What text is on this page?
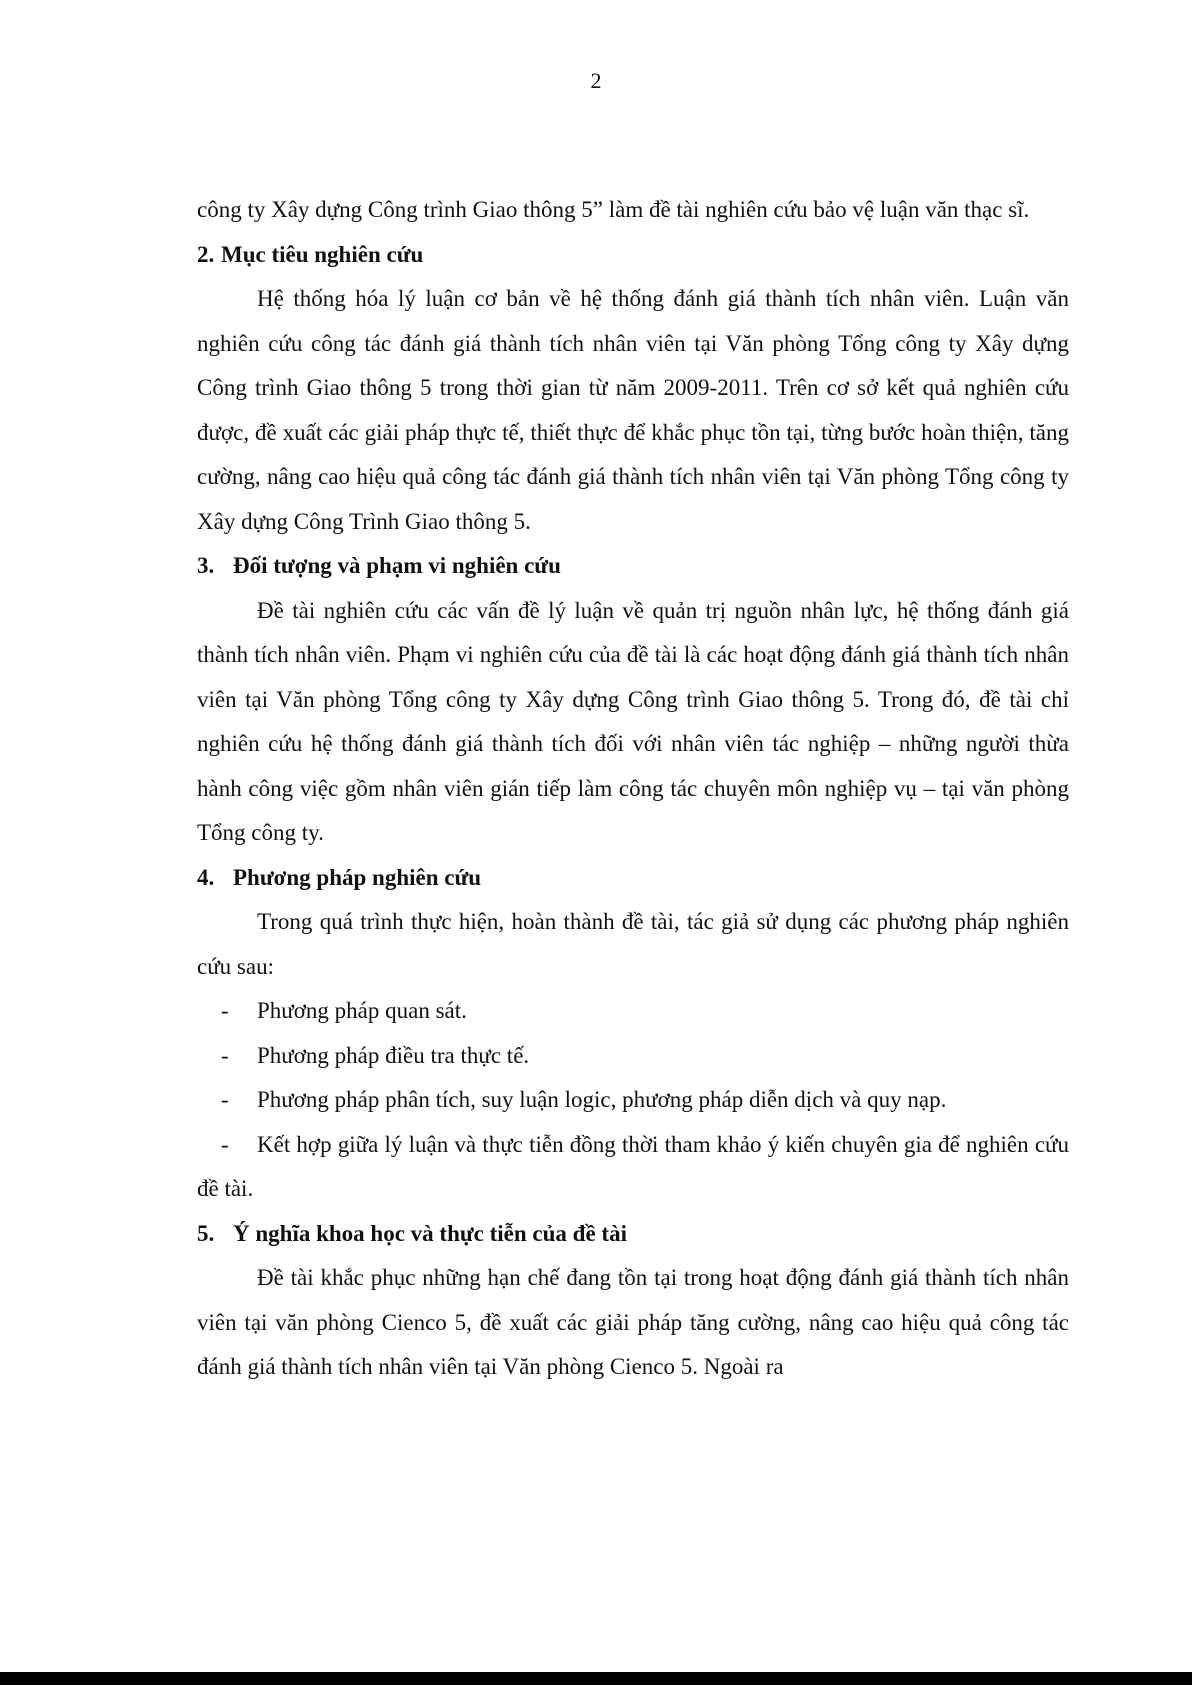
2

công ty Xây dựng Công trình Giao thông 5” làm đề tài nghiên cứu bảo vệ luận văn thạc sĩ.

2. Mục tiêu nghiên cứu

Hệ thống hóa lý luận cơ bản về hệ thống đánh giá thành tích nhân viên. Luận văn nghiên cứu công tác đánh giá thành tích nhân viên tại Văn phòng Tổng công ty Xây dựng Công trình Giao thông 5 trong thời gian từ năm 2009-2011. Trên cơ sở kết quả nghiên cứu được, đề xuất các giải pháp thực tế, thiết thực để khắc phục tồn tại, từng bước hoàn thiện, tăng cường, nâng cao hiệu quả công tác đánh giá thành tích nhân viên tại Văn phòng Tổng công ty Xây dựng Công Trình Giao thông 5.

3. Đối tượng và phạm vi nghiên cứu

Đề tài nghiên cứu các vấn đề lý luận về quản trị nguồn nhân lực, hệ thống đánh giá thành tích nhân viên. Phạm vi nghiên cứu của đề tài là các hoạt động đánh giá thành tích nhân viên tại Văn phòng Tổng công ty Xây dựng Công trình Giao thông 5. Trong đó, đề tài chỉ nghiên cứu hệ thống đánh giá thành tích đối với nhân viên tác nghiệp – những người thừa hành công việc gồm nhân viên gián tiếp làm công tác chuyên môn nghiệp vụ – tại văn phòng Tổng công ty.

4. Phương pháp nghiên cứu

Trong quá trình thực hiện, hoàn thành đề tài, tác giả sử dụng các phương pháp nghiên cứu sau:

- Phương pháp quan sát.
- Phương pháp điều tra thực tế.
- Phương pháp phân tích, suy luận logic, phương pháp diễn dịch và quy nạp.
- Kết hợp giữa lý luận và thực tiễn đồng thời tham khảo ý kiến chuyên gia để nghiên cứu đề tài.

5. Ý nghĩa khoa học và thực tiễn của đề tài

Đề tài khắc phục những hạn chế đang tồn tại trong hoạt động đánh giá thành tích nhân viên tại văn phòng Cienco 5, đề xuất các giải pháp tăng cường, nâng cao hiệu quả công tác đánh giá thành tích nhân viên tại Văn phòng Cienco 5. Ngoài ra
